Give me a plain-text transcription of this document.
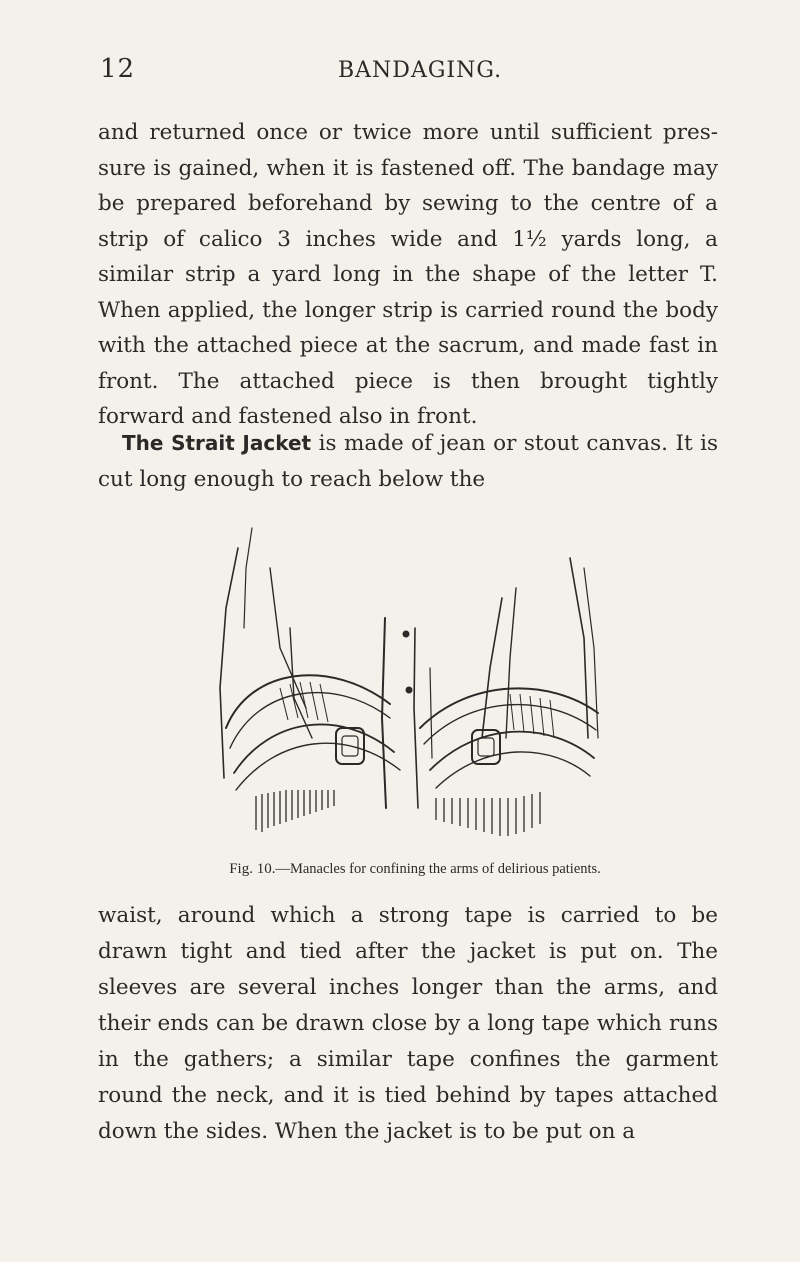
12	BANDAGING.

and returned once or twice more until sufficient pres- sure is gained, when it is fastened off. The bandage may be prepared beforehand by sewing to the centre of a strip of calico 3 inches wide and 1½ yards long, a similar strip a yard long in the shape of the letter T. When applied, the longer strip is carried round the body with the attached piece at the sacrum, and made fast in front. The attached piece is then brought tightly forward and fastened also in front.

The Strait Jacket is made of jean or stout canvas. It is cut long enough to reach below the

Fig. 10.—Manacles for confining the arms of delirious patients.

waist, around which a strong tape is carried to be drawn tight and tied after the jacket is put on. The sleeves are several inches longer than the arms, and their ends can be drawn close by a long tape which runs in the gathers; a similar tape confines the garment round the neck, and it is tied behind by tapes attached down the sides. When the jacket is to be put on a
